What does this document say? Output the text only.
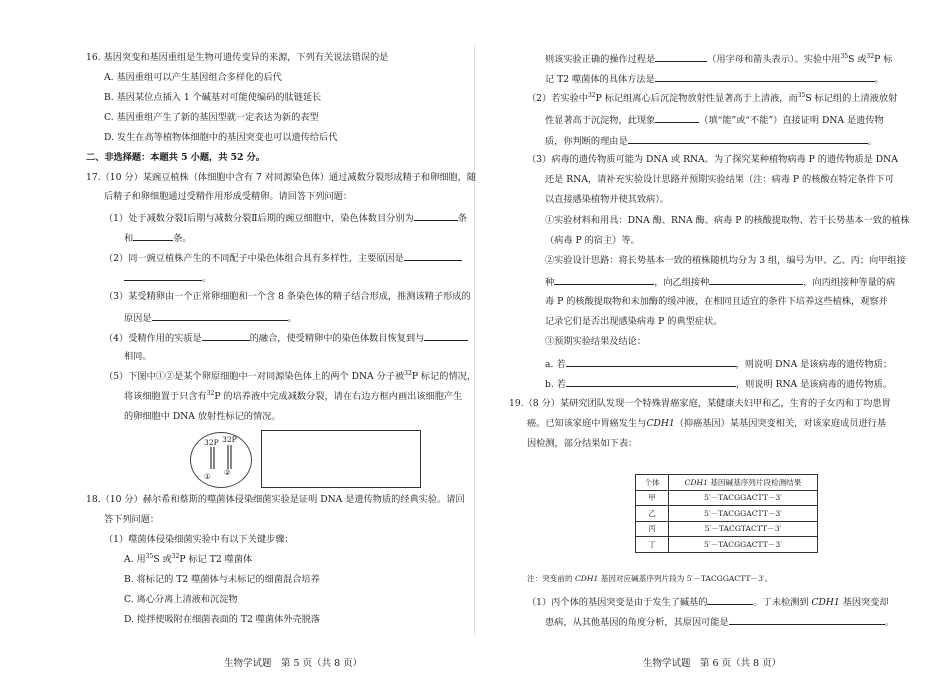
16. 基因突变和基因重组是生物可遗传变异的来源，下列有关说法错误的是
A. 基因重组可以产生基因组合多样化的后代
B. 基因某位点插入 1 个碱基对可能使编码的肽链延长
C. 基因重组产生了新的基因型就一定表达为新的表型
D. 发生在高等植物体细胞中的基因突变也可以遗传给后代
二、非选择题：本题共 5 小题，共 52 分。
17.（10 分）某豌豆植株（体细胞中含有 7 对同源染色体）通过减数分裂形成精子和卵细胞，随
后精子和卵细胞通过受精作用形成受精卵。请回答下列问题：
（1）处于减数分裂Ⅰ后期与减数分裂Ⅱ后期的豌豆细胞中，染色体数目分别为	条
和	条。
（2）同一豌豆植株产生的不同配子中染色体组合具有多样性，主要原因是
。
（3）某受精卵由一个正常卵细胞和一个含 8 条染色体的精子结合形成，推测该精子形成的
原因是	。
（4）受精作用的实质是	的融合，使受精卵中的染色体数目恢复到与
相同。
（5）下图中①②是某个卵原细胞中一对同源染色体上的两个 DNA 分子被$^{32}$P 标记的情况，
将该细胞置于只含有$^{32}$P 的培养液中完成减数分裂，请在右边方框内画出该细胞产生
的卵细胞中 DNA 放射性标记的情况。
32P 32P
① ②
18.（10 分）赫尔希和蔡斯的噬菌体侵染细菌实验是证明 DNA 是遗传物质的经典实验。请回
答下列问题：
（1）噬菌体侵染细菌实验中有以下关键步骤：
A. 用$^{35}$S 或$^{32}$P 标记 T2 噬菌体
B. 将标记的 T2 噬菌体与未标记的细菌混合培养
C. 离心分离上清液和沉淀物
D. 搅拌使吸附在细菌表面的 T2 噬菌体外壳脱落
生物学试题　第 5 页（共 8 页）
则该实验正确的操作过程是	（用字母和箭头表示）。实验中用$^{35}$S 或$^{32}$P 标
记 T2 噬菌体的具体方法是	。
（2）若实验中$^{32}$P 标记组离心后沉淀物放射性显著高于上清液，而$^{35}$S 标记组的上清液放射
性显著高于沉淀物，此现象	（填“能”或“不能”）直接证明 DNA 是遗传物
质，你判断的理由是	。
（3）病毒的遗传物质可能为 DNA 或 RNA。为了探究某种植物病毒 P 的遗传物质是 DNA
还是 RNA，请补充实验设计思路并预期实验结果（注：病毒 P 的核酸在特定条件下可
以直接感染植物并使其致病）。
①实验材料和用具：DNA 酶、RNA 酶、病毒 P 的核酸提取物、若干长势基本一致的植株
（病毒 P 的宿主）等。
②实验设计思路：将长势基本一致的植株随机均分为 3 组，编号为甲、乙、丙；向甲组接
种	，向乙组接种	，向丙组接种等量的病
毒 P 的核酸提取物和未加酶的缓冲液，在相同且适宜的条件下培养这些植株，观察并
记录它们是否出现感染病毒 P 的典型症状。
③预期实验结果及结论：
a. 若	，则说明 DNA 是该病毒的遗传物质；
b. 若	，则说明 RNA 是该病毒的遗传物质。
19.（8 分）某研究团队发现一个特殊胃癌家庭，某健康夫妇甲和乙，生育的子女丙和丁均患胃
癌。已知该家庭中胃癌发生与CDH1（抑癌基因）某基因突变相关，对该家庭成员进行基
因检测，部分结果如下表：
个体	CDH1 基因碱基序列片段检测结果
甲	5′－TACGGACTT－3′
乙	5′－TACGGACTT－3′
丙	5′－TACGTACTT－3′
丁	5′－TACGGACTT－3′
注：突变前的 CDH1 基因对应碱基序列片段为 5′－TACGGACTT－3′。
（1）丙个体的基因突变是由于发生了碱基的	。丁未检测到 CDH1 基因突变却
患病，从其他基因的角度分析，其原因可能是	。
生物学试题　第 6 页（共 8 页）
